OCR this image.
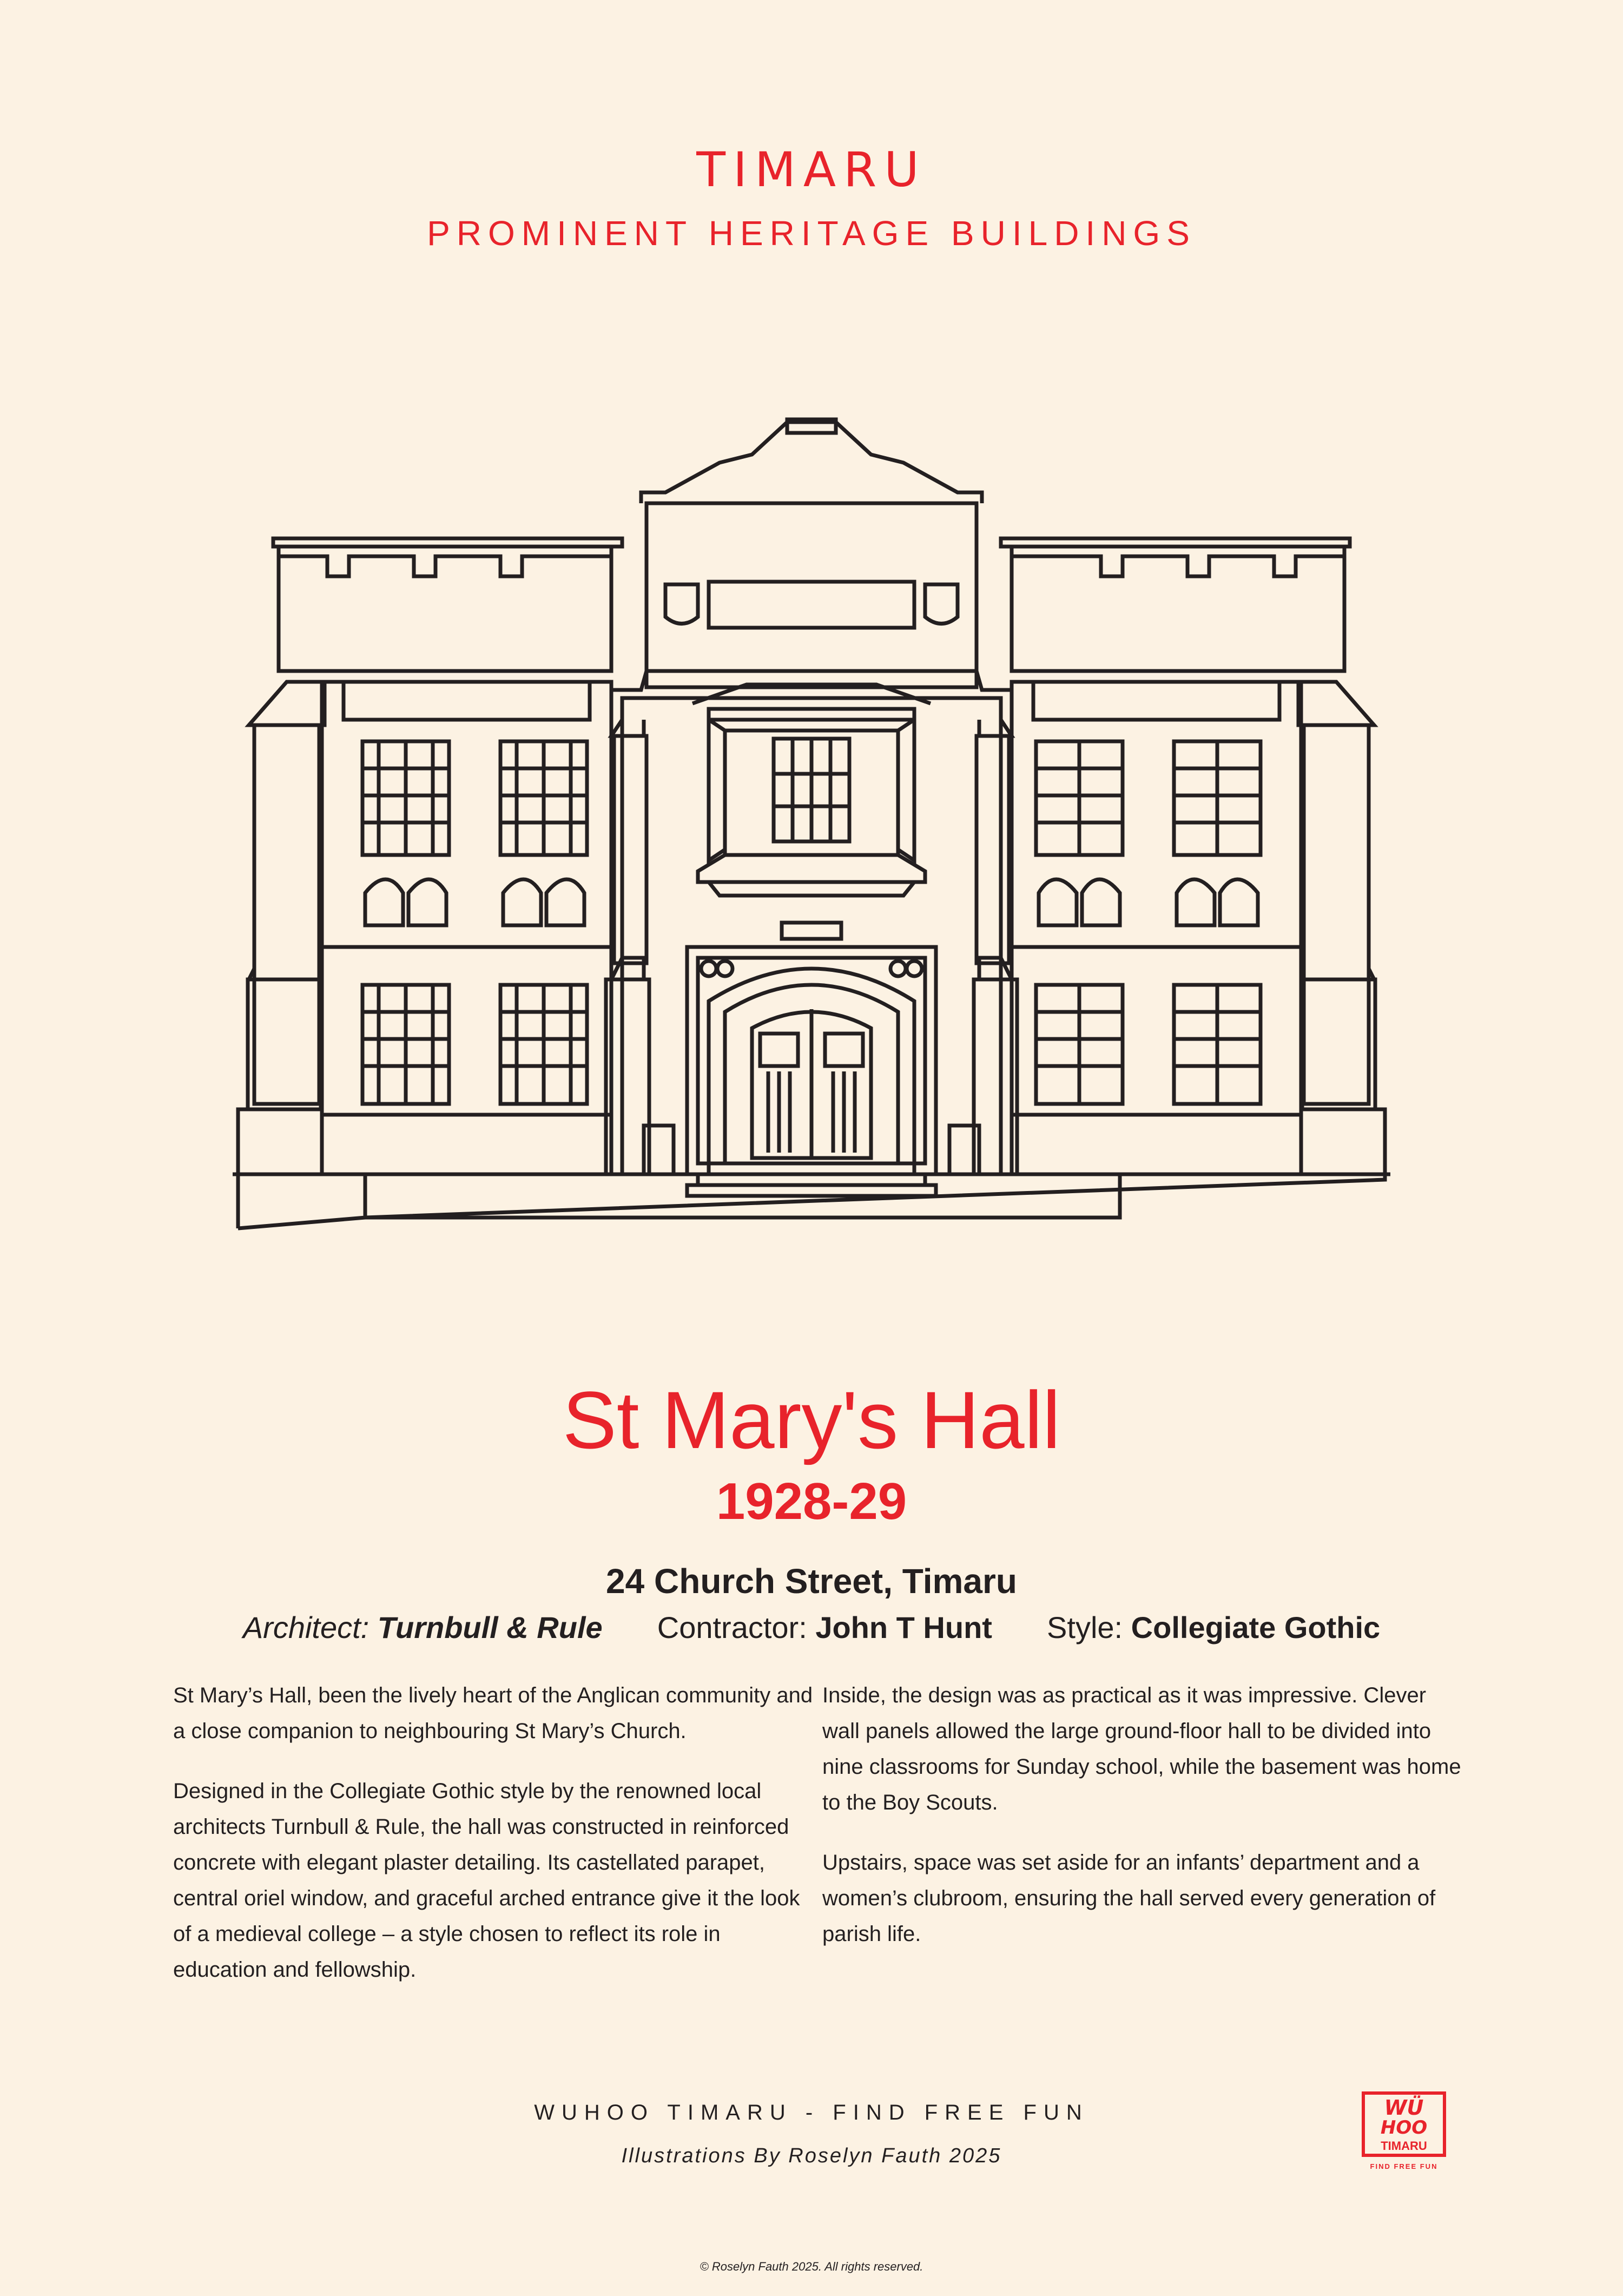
TIMARU
PROMINENT HERITAGE BUILDINGS
St Mary's Hall
1928-29
24 Church Street, Timaru
Architect: Turnbull & Rule Contractor: John T Hunt Style: Collegiate Gothic

St Mary’s Hall, been the lively heart of the Anglican community and a close companion to neighbouring St Mary’s Church.

Designed in the Collegiate Gothic style by the renowned local architects Turnbull & Rule, the hall was constructed in reinforced concrete with elegant plaster detailing. Its castellated parapet, central oriel window, and graceful arched entrance give it the look of a medieval college – a style chosen to reflect its role in education and fellowship.

Inside, the design was as practical as it was impressive. Clever wall panels allowed the large ground-floor hall to be divided into nine classrooms for Sunday school, while the basement was home to the Boy Scouts.

Upstairs, space was set aside for an infants’ department and a women’s clubroom, ensuring the hall served every generation of parish life.

WUHOO TIMARU - FIND FREE FUN
Illustrations By Roselyn Fauth 2025
WÜ
HOO
TIMARU
FIND FREE FUN
© Roselyn Fauth 2025. All rights reserved.
